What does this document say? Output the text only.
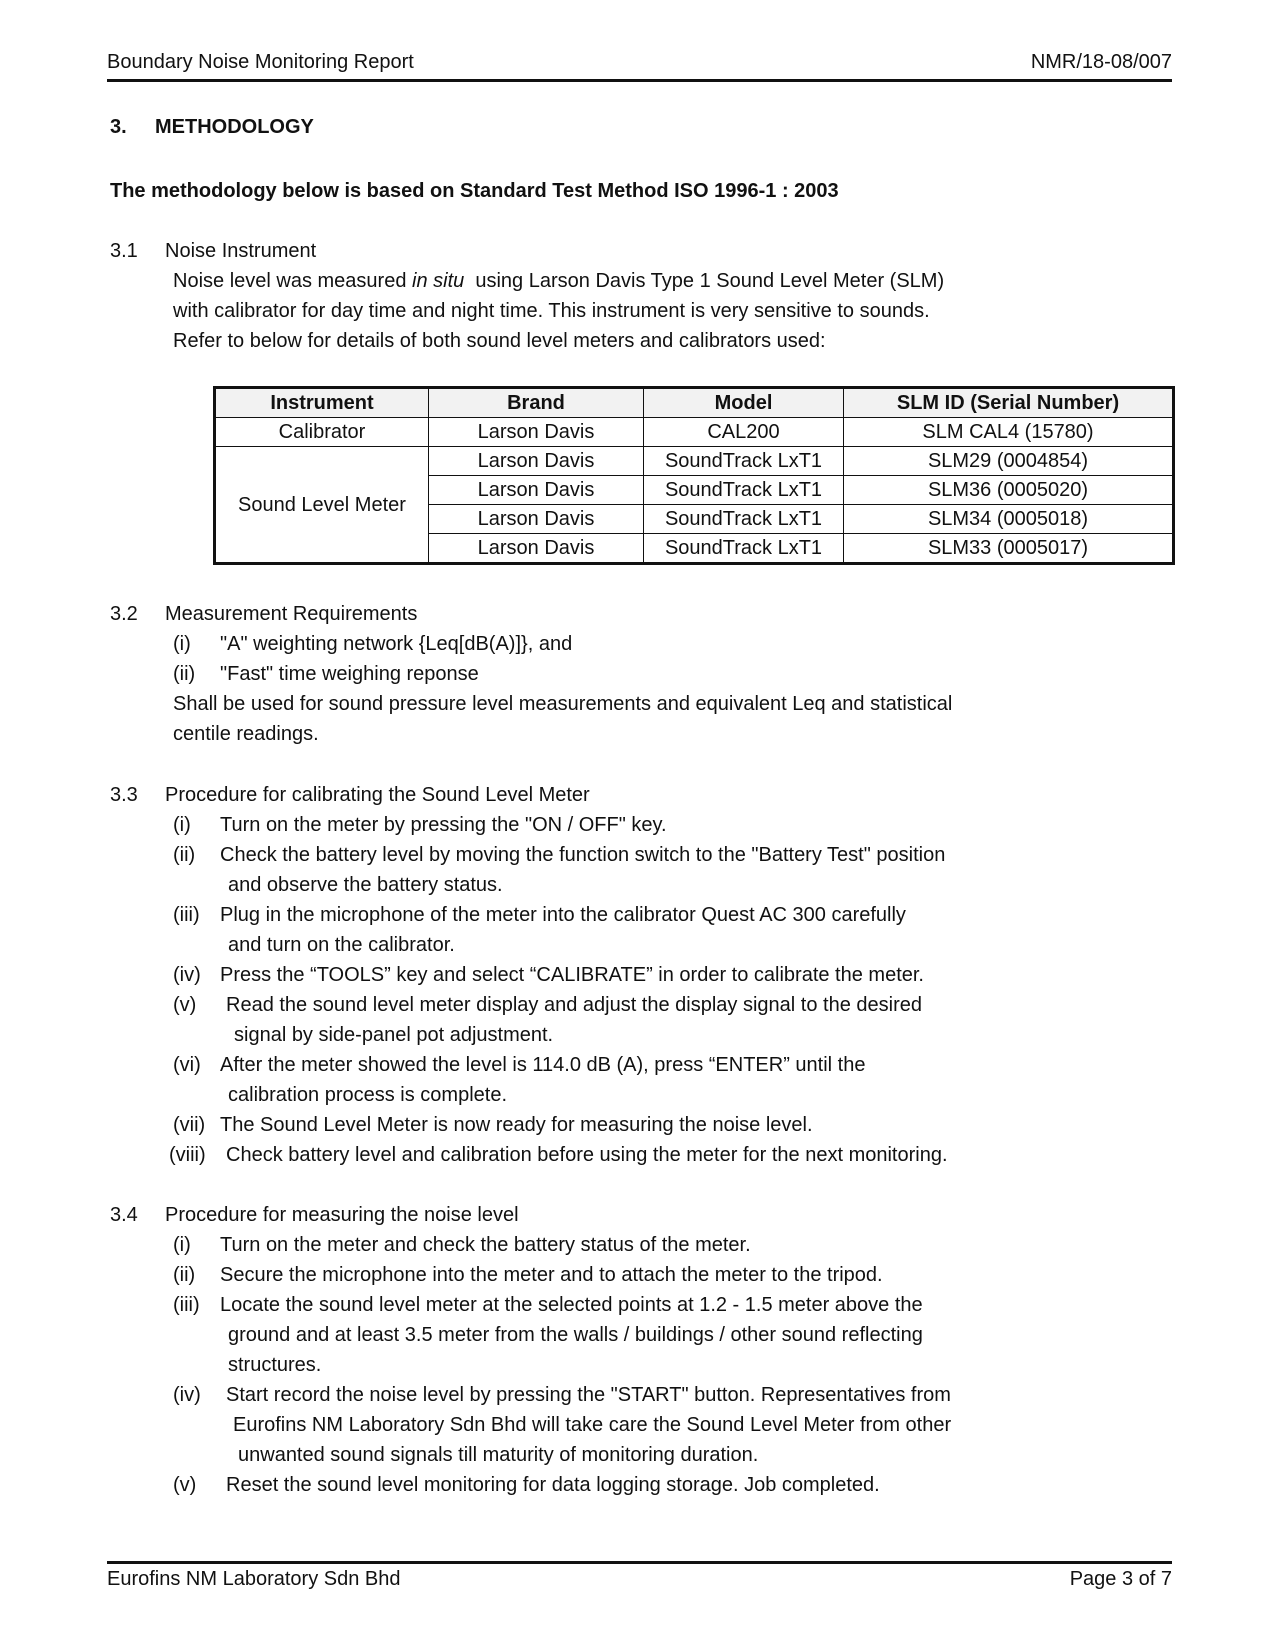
Boundary Noise Monitoring Report	NMR/18-08/007
3. METHODOLOGY
The methodology below is based on Standard Test Method ISO 1996-1 : 2003
3.1 Noise Instrument
Noise level was measured in situ  using Larson Davis Type 1 Sound Level Meter (SLM)
with calibrator for day time and night time. This instrument is very sensitive to sounds.
Refer to below for details of both sound level meters and calibrators used:
Instrument	Brand	Model	SLM ID (Serial Number)
Calibrator	Larson Davis	CAL200	SLM CAL4 (15780)
Sound Level Meter	Larson Davis	SoundTrack LxT1	SLM29 (0004854)
	Larson Davis	SoundTrack LxT1	SLM36 (0005020)
	Larson Davis	SoundTrack LxT1	SLM34 (0005018)
	Larson Davis	SoundTrack LxT1	SLM33 (0005017)
3.2 Measurement Requirements
(i) "A" weighting network {Leq[dB(A)]}, and
(ii) "Fast" time weighing reponse
Shall be used for sound pressure level measurements and equivalent Leq and statistical
centile readings.
3.3 Procedure for calibrating the Sound Level Meter
(i) Turn on the meter by pressing the "ON / OFF" key.
(ii) Check the battery level by moving the function switch to the "Battery Test" position
and observe the battery status.
(iii) Plug in the microphone of the meter into the calibrator Quest AC 300 carefully
and turn on the calibrator.
(iv) Press the “TOOLS” key and select “CALIBRATE” in order to calibrate the meter.
(v) Read the sound level meter display and adjust the display signal to the desired
signal by side-panel pot adjustment.
(vi) After the meter showed the level is 114.0 dB (A), press “ENTER” until the
calibration process is complete.
(vii) The Sound Level Meter is now ready for measuring the noise level.
(viii) Check battery level and calibration before using the meter for the next monitoring.
3.4 Procedure for measuring the noise level
(i) Turn on the meter and check the battery status of the meter.
(ii) Secure the microphone into the meter and to attach the meter to the tripod.
(iii) Locate the sound level meter at the selected points at 1.2 - 1.5 meter above the
ground and at least 3.5 meter from the walls / buildings / other sound reflecting
structures.
(iv) Start record the noise level by pressing the "START" button. Representatives from
Eurofins NM Laboratory Sdn Bhd will take care the Sound Level Meter from other
unwanted sound signals till maturity of monitoring duration.
(v) Reset the sound level monitoring for data logging storage. Job completed.
Eurofins NM Laboratory Sdn Bhd	Page 3 of 7
